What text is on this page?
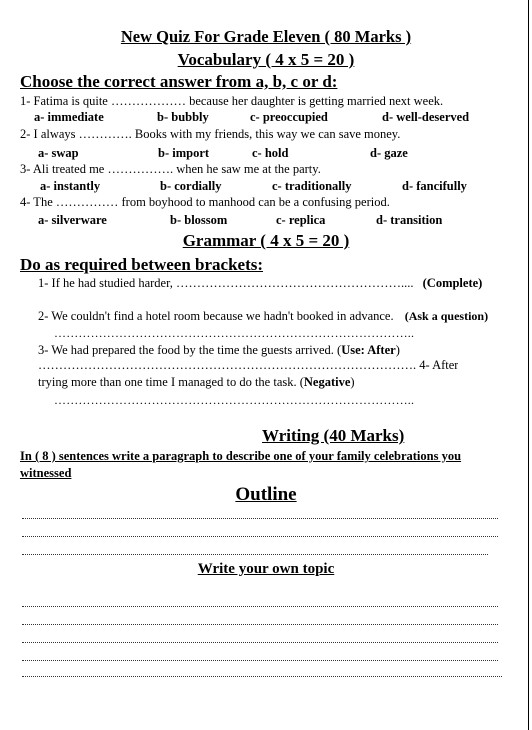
New Quiz For Grade Eleven ( 80 Marks )
Vocabulary ( 4 x 5 = 20 )
Choose the correct answer from a, b, c or d:
1- Fatima is quite ……………… because her daughter is getting married next week.
a- immediate	b- bubbly	c- preoccupied	d- well-deserved
2- I always …………. Books with my friends, this way we can save money.
a- swap	b- import	c- hold	d- gaze
3- Ali treated me ……………. when he saw me at the party.
a- instantly	b- cordially	c- traditionally	d- fancifully
4- The …………… from boyhood to manhood can be a confusing period.
a- silverware	b- blossom	c- replica	d- transition
Grammar ( 4 x 5 = 20 )
Do as required between brackets:
1- If he had studied harder, ……………………………………………….... (Complete)
2- We couldn't find a hotel room because we hadn't booked in advance. (Ask a question)
……………………………………………………………………………..
3- We had prepared the food by the time the guests arrived. (Use: After)
………………………………………………………………………………. 4- After
trying more than one time I managed to do the task. (Negative)
……………………………………………………………………………..
Writing (40 Marks)
In ( 8 ) sentences write a paragraph to describe one of your family celebrations you
witnessed
Outline
Write your own topic
